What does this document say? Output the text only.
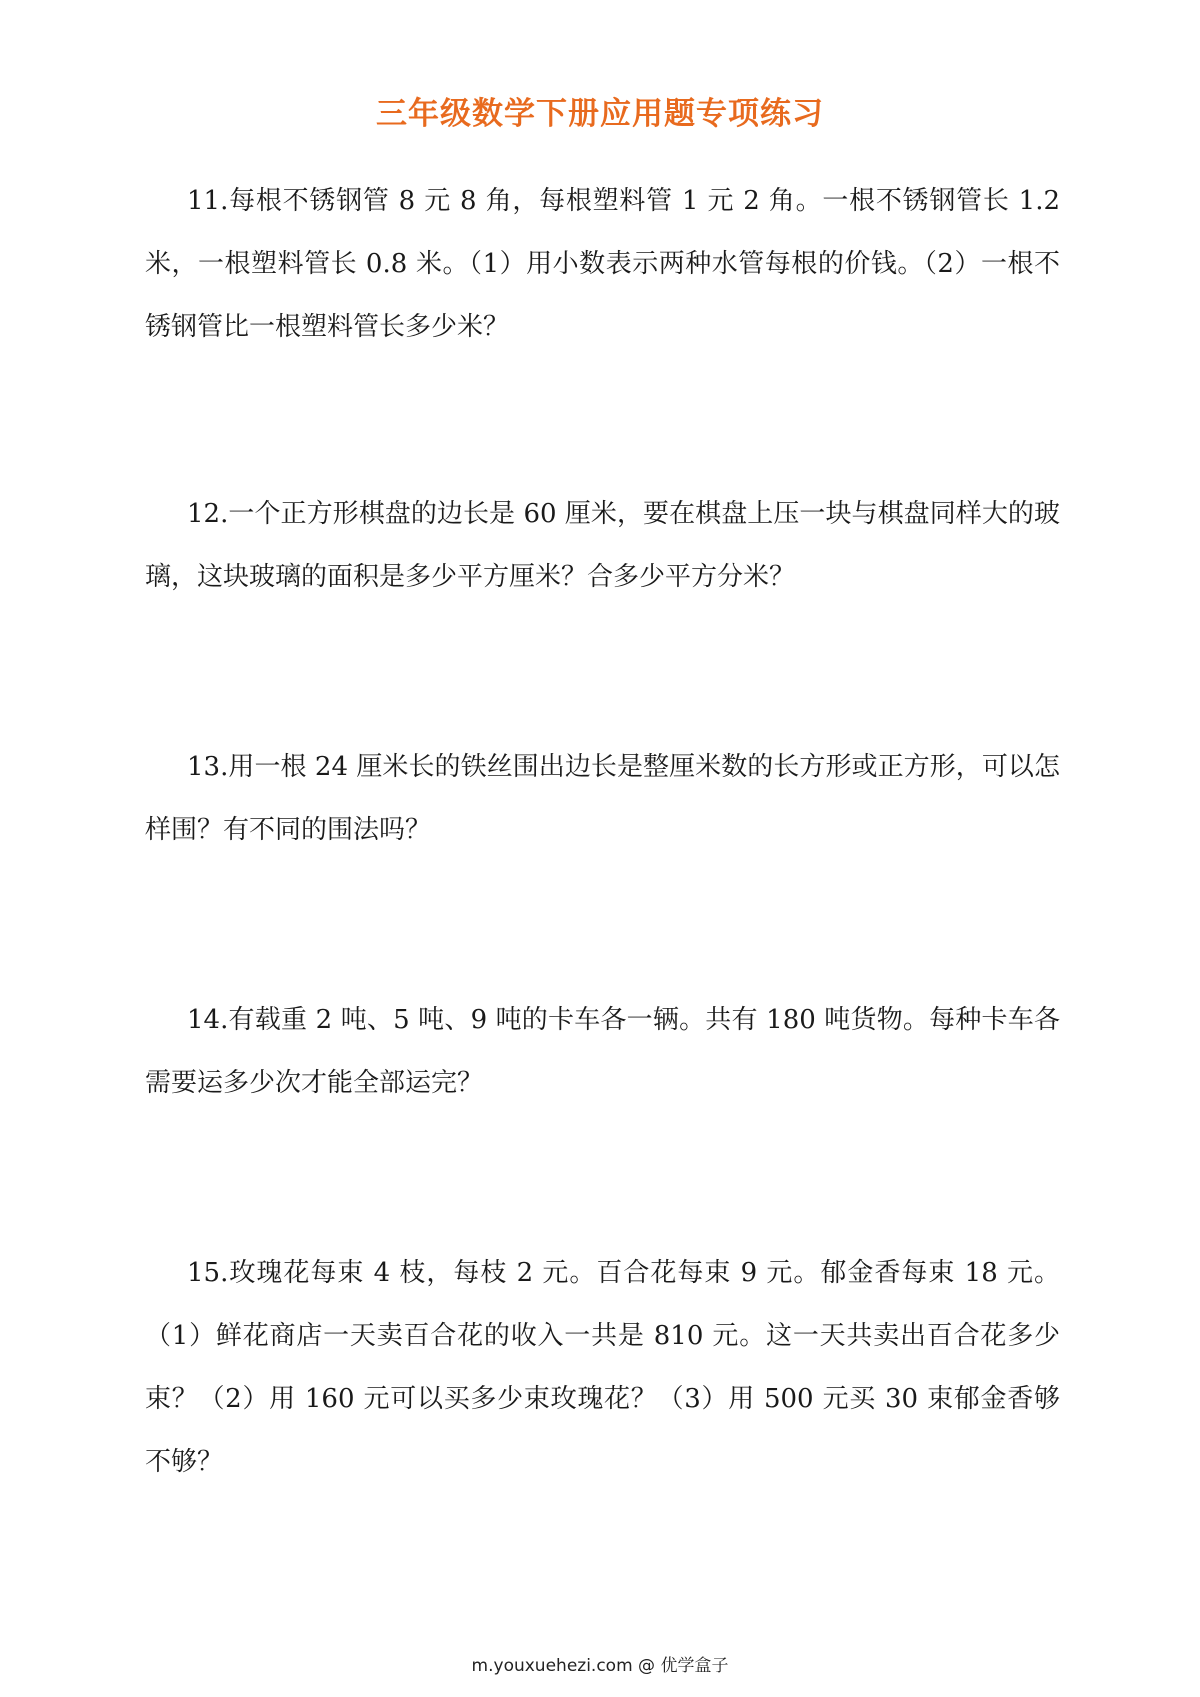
三年级数学下册应用题专项练习

11.每根不锈钢管 8 元 8 角，每根塑料管 1 元 2 角。一根不锈钢管长 1.2 米，一根塑料管长 0.8 米。（1）用小数表示两种水管每根的价钱。（2）一根不锈钢管比一根塑料管长多少米？

12.一个正方形棋盘的边长是 60 厘米，要在棋盘上压一块与棋盘同样大的玻璃，这块玻璃的面积是多少平方厘米？合多少平方分米？

13.用一根 24 厘米长的铁丝围出边长是整厘米数的长方形或正方形，可以怎样围？有不同的围法吗？

14.有载重 2 吨、5 吨、9 吨的卡车各一辆。共有 180 吨货物。每种卡车各需要运多少次才能全部运完？

15.玫瑰花每束 4 枝，每枝 2 元。百合花每束 9 元。郁金香每束 18 元。（1）鲜花商店一天卖百合花的收入一共是 810 元。这一天共卖出百合花多少束？（2）用 160 元可以买多少束玫瑰花？（3）用 500 元买 30 束郁金香够不够？

m.youxuehezi.com @ 优学盒子
